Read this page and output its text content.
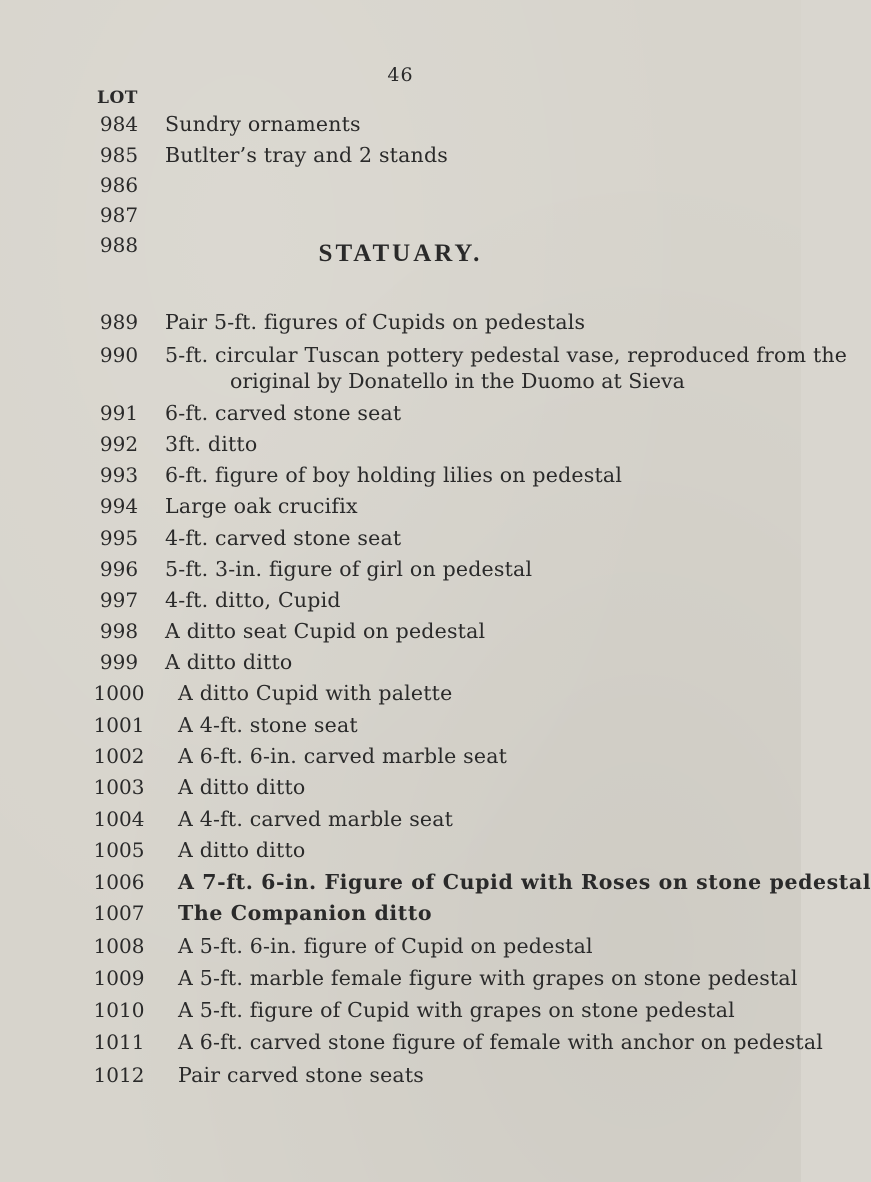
46
LOT
984	Sundry ornaments
985	Butlter’s tray and 2 stands
986
987
988	STATUARY.
989	Pair 5-ft. figures of Cupids on pedestals
990	5-ft. circular Tuscan pottery pedestal vase, reproduced from the
original by Donatello in the Duomo at Sieva
991	6-ft. carved stone seat
992	3ft. ditto
993	6-ft. figure of boy holding lilies on pedestal
994	Large oak crucifix
995	4-ft. carved stone seat
996	5-ft. 3-in. figure of girl on pedestal
997	4-ft. ditto, Cupid
998	A ditto seat Cupid on pedestal
999	A ditto ditto
1000	A ditto Cupid with palette
1001	A 4-ft. stone seat
1002	A 6-ft. 6-in. carved marble seat
1003	A ditto ditto
1004	A 4-ft. carved marble seat
1005	A ditto ditto
1006	A 7-ft. 6-in. Figure of Cupid with Roses on stone pedestal
1007	The Companion ditto
1008	A 5-ft. 6-in. figure of Cupid on pedestal
1009	A 5-ft. marble female figure with grapes on stone pedestal
1010	A 5-ft. figure of Cupid with grapes on stone pedestal
1011	A 6-ft. carved stone figure of female with anchor on pedestal
1012	Pair carved stone seats
